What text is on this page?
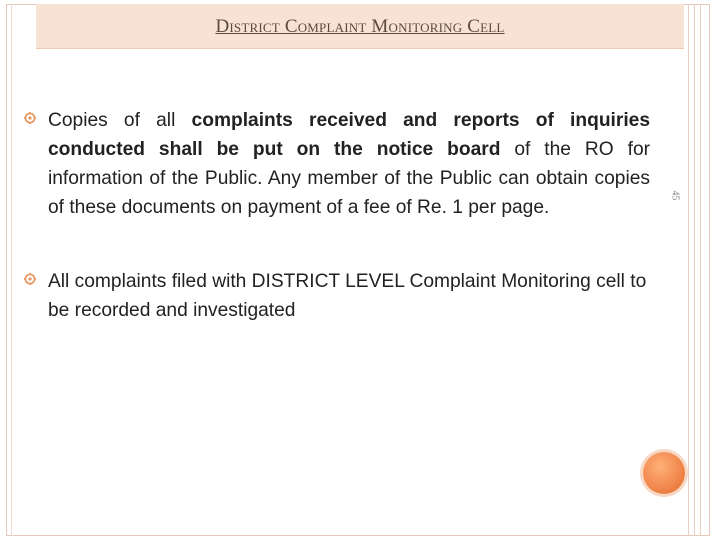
District Complaint Monitoring Cell
45
Copies of all complaints received and reports of inquiries conducted shall be put on the notice board of the RO for information of the Public. Any member of the Public can obtain copies of these documents on payment of a fee of Re. 1 per page.
All complaints filed with DISTRICT LEVEL Complaint Monitoring cell to be recorded and investigated
